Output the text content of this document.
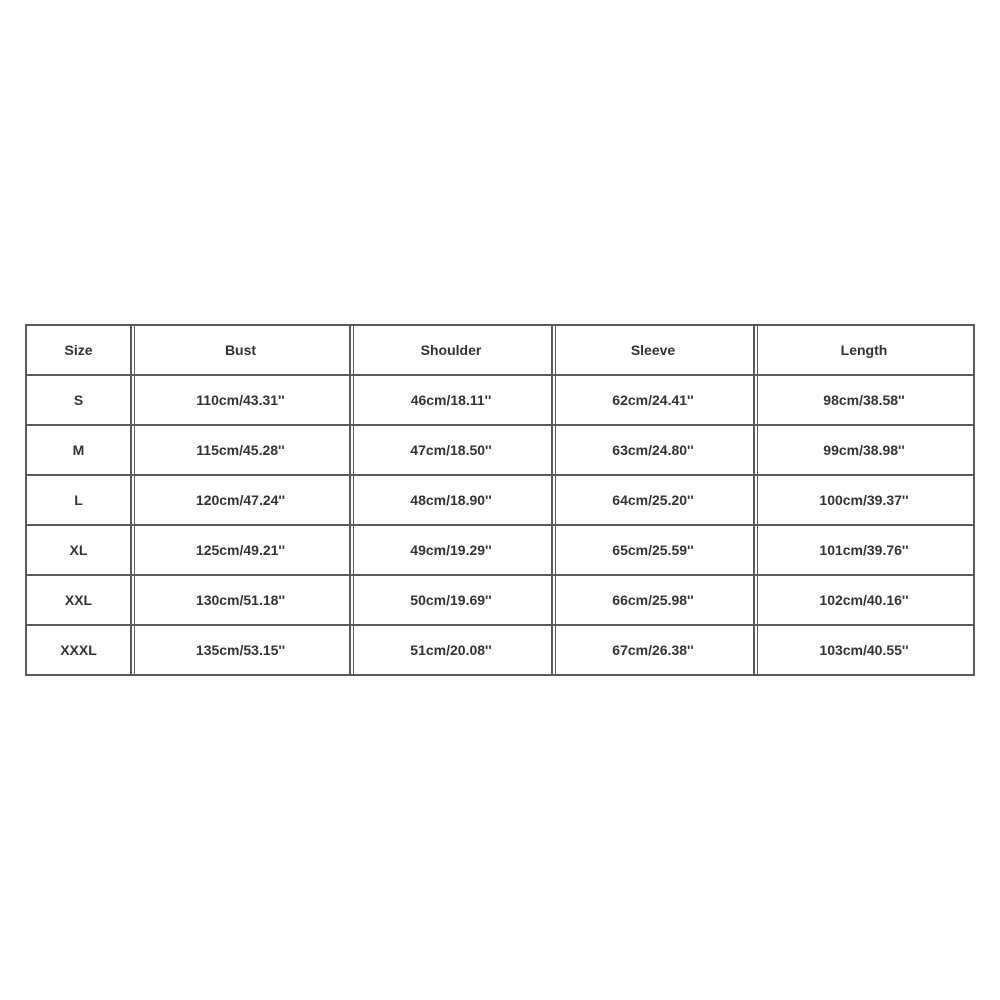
Size	Bust	Shoulder	Sleeve	Length
S	110cm/43.31''	46cm/18.11''	62cm/24.41''	98cm/38.58''
M	115cm/45.28''	47cm/18.50''	63cm/24.80''	99cm/38.98''
L	120cm/47.24''	48cm/18.90''	64cm/25.20''	100cm/39.37''
XL	125cm/49.21''	49cm/19.29''	65cm/25.59''	101cm/39.76''
XXL	130cm/51.18''	50cm/19.69''	66cm/25.98''	102cm/40.16''
XXXL	135cm/53.15''	51cm/20.08''	67cm/26.38''	103cm/40.55''
